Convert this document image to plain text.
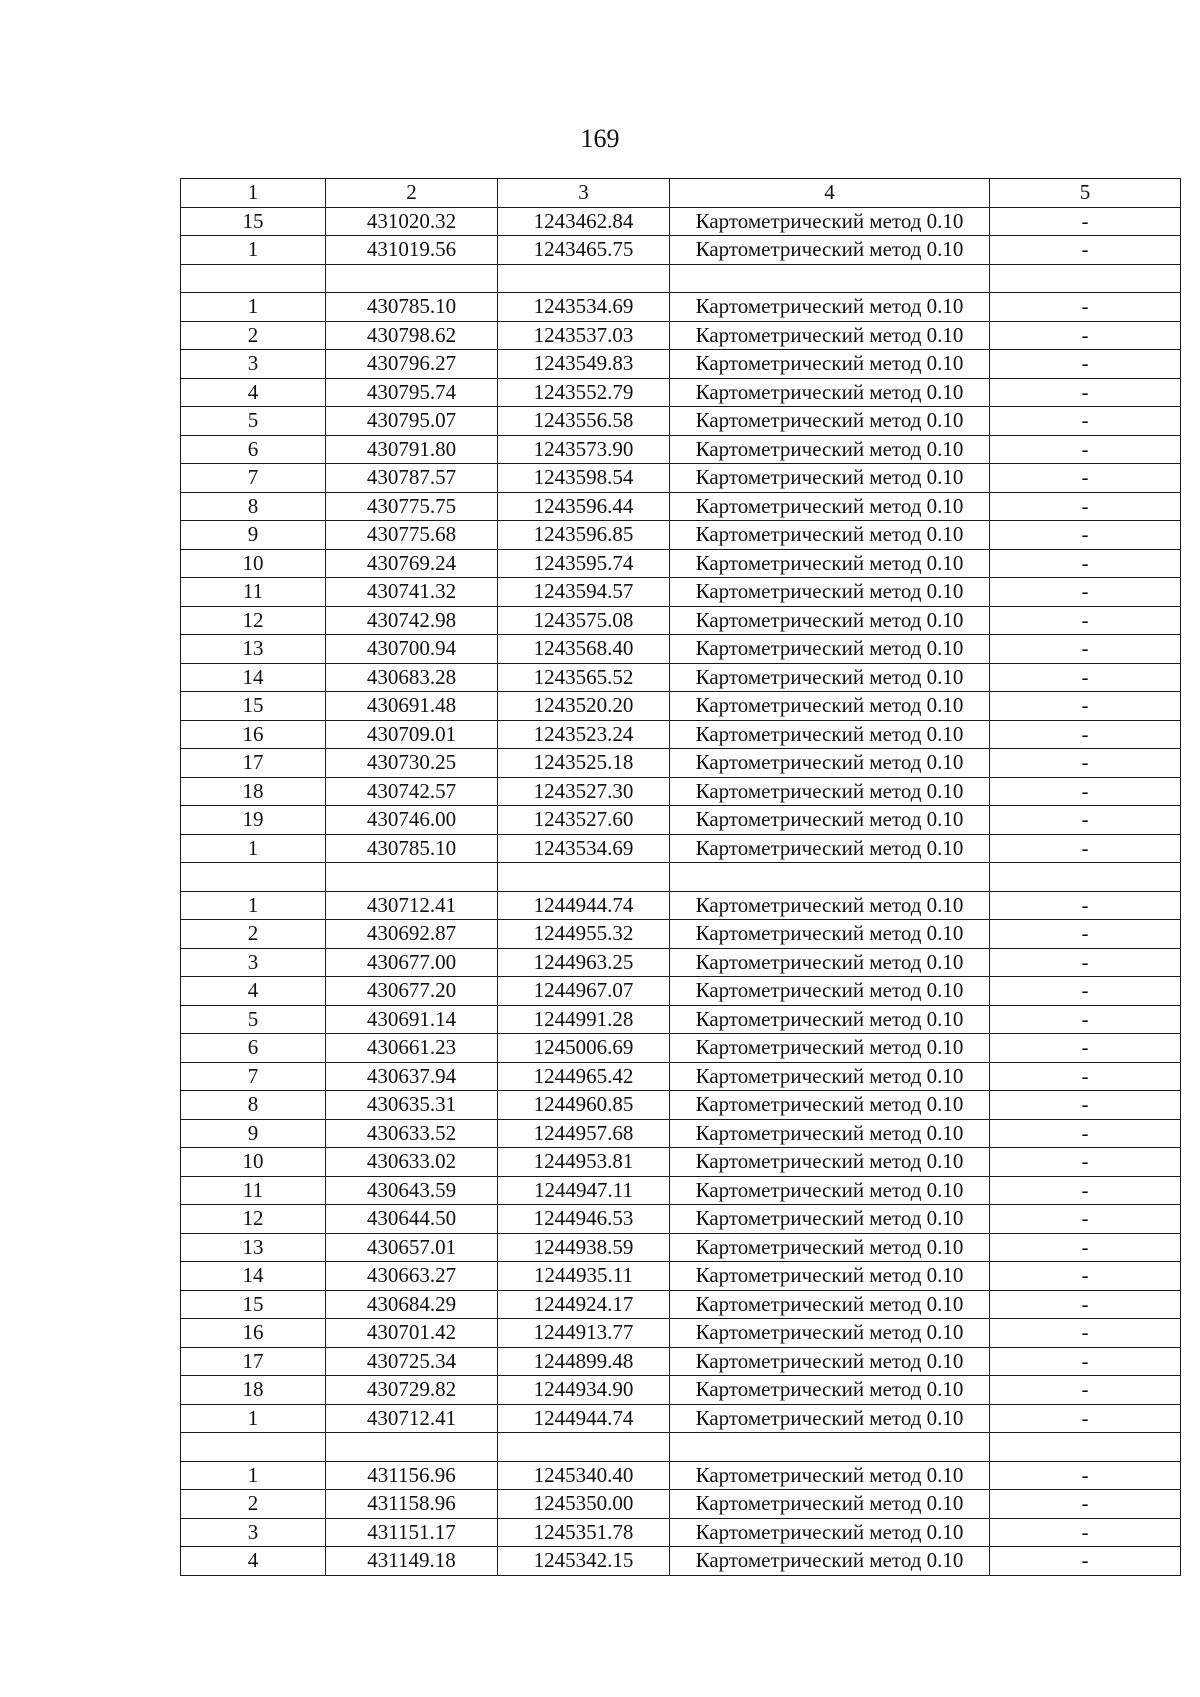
169
1	2	3	4	5
15	431020.32	1243462.84	Картометрический метод 0.10	-
1	431019.56	1243465.75	Картометрический метод 0.10	-

1	430785.10	1243534.69	Картометрический метод 0.10	-
2	430798.62	1243537.03	Картометрический метод 0.10	-
3	430796.27	1243549.83	Картометрический метод 0.10	-
4	430795.74	1243552.79	Картометрический метод 0.10	-
5	430795.07	1243556.58	Картометрический метод 0.10	-
6	430791.80	1243573.90	Картометрический метод 0.10	-
7	430787.57	1243598.54	Картометрический метод 0.10	-
8	430775.75	1243596.44	Картометрический метод 0.10	-
9	430775.68	1243596.85	Картометрический метод 0.10	-
10	430769.24	1243595.74	Картометрический метод 0.10	-
11	430741.32	1243594.57	Картометрический метод 0.10	-
12	430742.98	1243575.08	Картометрический метод 0.10	-
13	430700.94	1243568.40	Картометрический метод 0.10	-
14	430683.28	1243565.52	Картометрический метод 0.10	-
15	430691.48	1243520.20	Картометрический метод 0.10	-
16	430709.01	1243523.24	Картометрический метод 0.10	-
17	430730.25	1243525.18	Картометрический метод 0.10	-
18	430742.57	1243527.30	Картометрический метод 0.10	-
19	430746.00	1243527.60	Картометрический метод 0.10	-
1	430785.10	1243534.69	Картометрический метод 0.10	-

1	430712.41	1244944.74	Картометрический метод 0.10	-
2	430692.87	1244955.32	Картометрический метод 0.10	-
3	430677.00	1244963.25	Картометрический метод 0.10	-
4	430677.20	1244967.07	Картометрический метод 0.10	-
5	430691.14	1244991.28	Картометрический метод 0.10	-
6	430661.23	1245006.69	Картометрический метод 0.10	-
7	430637.94	1244965.42	Картометрический метод 0.10	-
8	430635.31	1244960.85	Картометрический метод 0.10	-
9	430633.52	1244957.68	Картометрический метод 0.10	-
10	430633.02	1244953.81	Картометрический метод 0.10	-
11	430643.59	1244947.11	Картометрический метод 0.10	-
12	430644.50	1244946.53	Картометрический метод 0.10	-
13	430657.01	1244938.59	Картометрический метод 0.10	-
14	430663.27	1244935.11	Картометрический метод 0.10	-
15	430684.29	1244924.17	Картометрический метод 0.10	-
16	430701.42	1244913.77	Картометрический метод 0.10	-
17	430725.34	1244899.48	Картометрический метод 0.10	-
18	430729.82	1244934.90	Картометрический метод 0.10	-
1	430712.41	1244944.74	Картометрический метод 0.10	-

1	431156.96	1245340.40	Картометрический метод 0.10	-
2	431158.96	1245350.00	Картометрический метод 0.10	-
3	431151.17	1245351.78	Картометрический метод 0.10	-
4	431149.18	1245342.15	Картометрический метод 0.10	-
